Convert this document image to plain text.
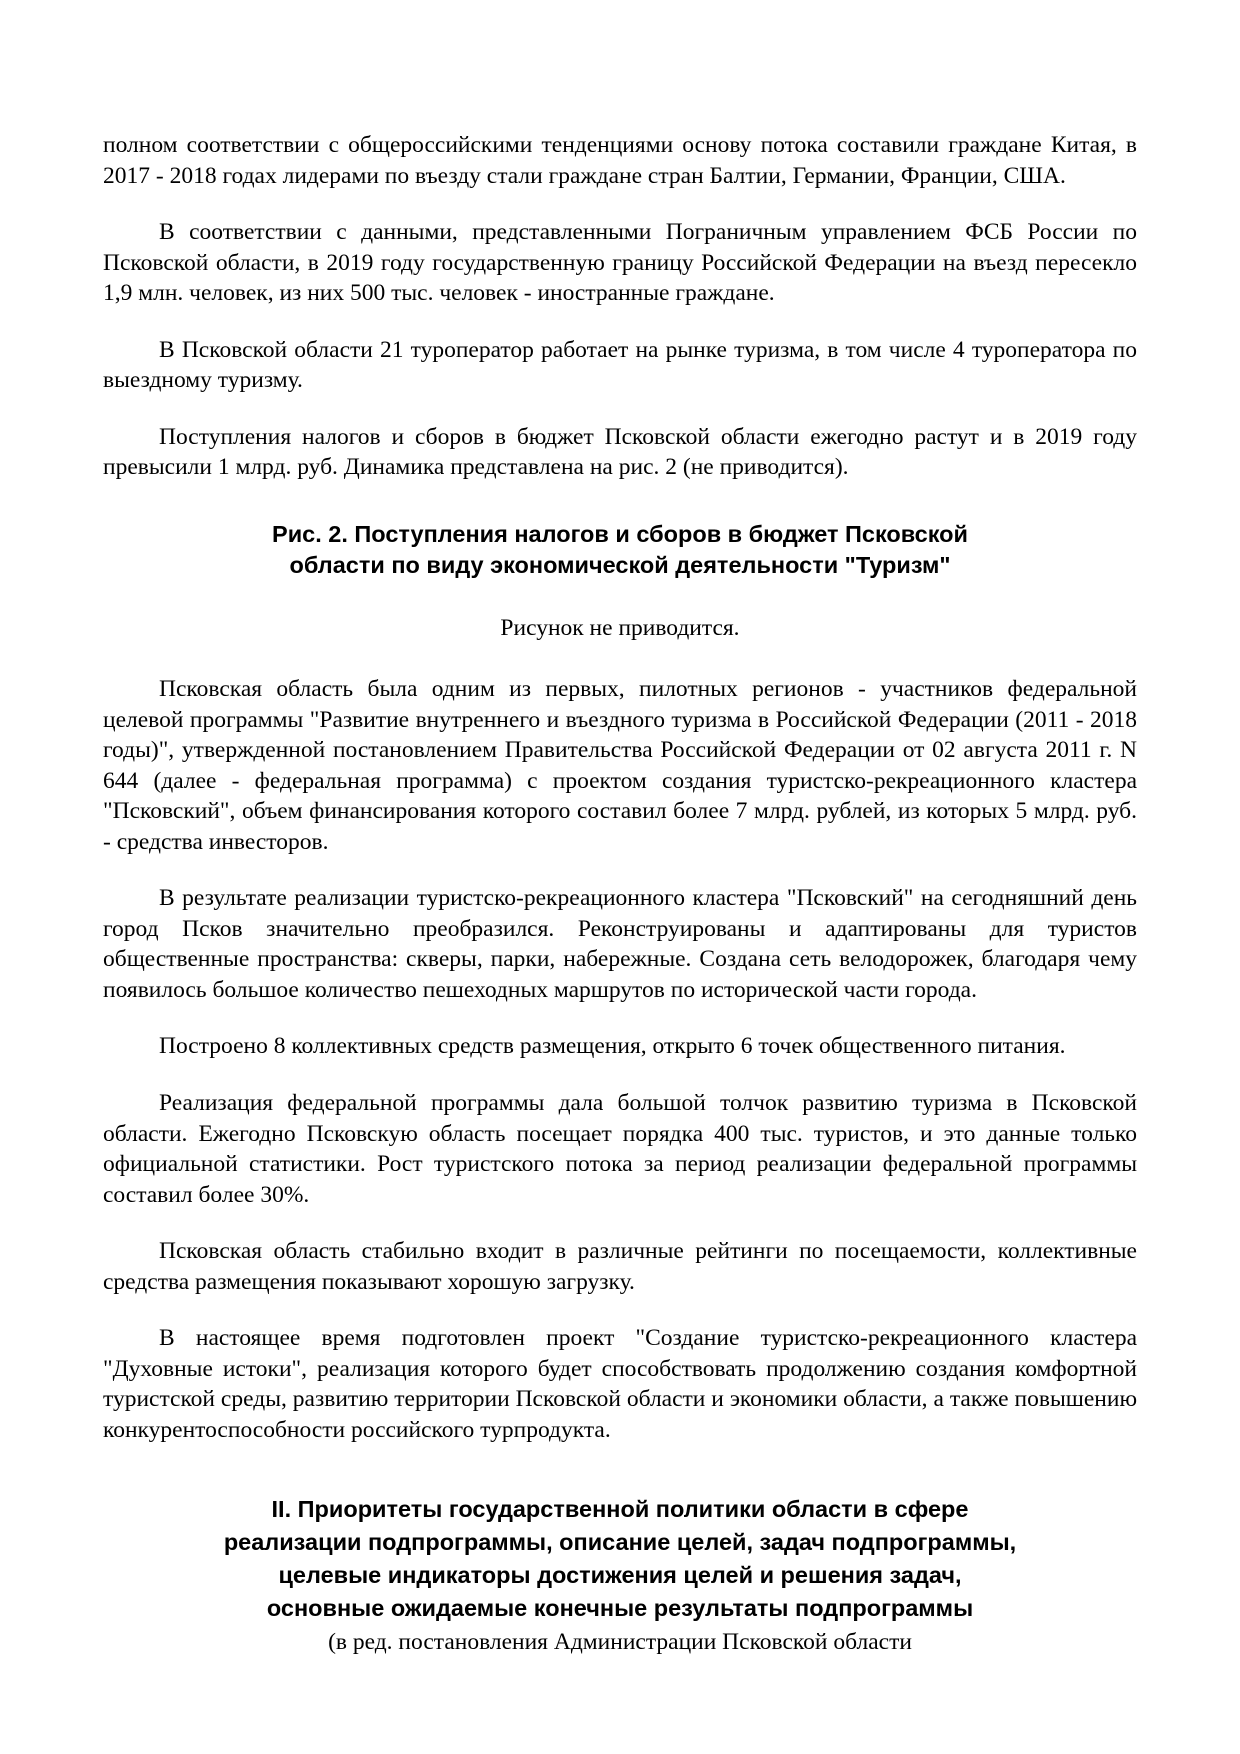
полном соответствии с общероссийскими тенденциями основу потока составили граждане Китая, в 2017 - 2018 годах лидерами по въезду стали граждане стран Балтии, Германии, Франции, США.

В соответствии с данными, представленными Пограничным управлением ФСБ России по Псковской области, в 2019 году государственную границу Российской Федерации на въезд пересекло 1,9 млн. человек, из них 500 тыс. человек - иностранные граждане.

В Псковской области 21 туроператор работает на рынке туризма, в том числе 4 туроператора по выездному туризму.

Поступления налогов и сборов в бюджет Псковской области ежегодно растут и в 2019 году превысили 1 млрд. руб. Динамика представлена на рис. 2 (не приводится).

Рис. 2. Поступления налогов и сборов в бюджет Псковской
области по виду экономической деятельности "Туризм"

Рисунок не приводится.

Псковская область была одним из первых, пилотных регионов - участников федеральной целевой программы "Развитие внутреннего и въездного туризма в Российской Федерации (2011 - 2018 годы)", утвержденной постановлением Правительства Российской Федерации от 02 августа 2011 г. N 644 (далее - федеральная программа) с проектом создания туристско-рекреационного кластера "Псковский", объем финансирования которого составил более 7 млрд. рублей, из которых 5 млрд. руб. - средства инвесторов.

В результате реализации туристско-рекреационного кластера "Псковский" на сегодняшний день город Псков значительно преобразился. Реконструированы и адаптированы для туристов общественные пространства: скверы, парки, набережные. Создана сеть велодорожек, благодаря чему появилось большое количество пешеходных маршрутов по исторической части города.

Построено 8 коллективных средств размещения, открыто 6 точек общественного питания.

Реализация федеральной программы дала большой толчок развитию туризма в Псковской области. Ежегодно Псковскую область посещает порядка 400 тыс. туристов, и это данные только официальной статистики. Рост туристского потока за период реализации федеральной программы составил более 30%.

Псковская область стабильно входит в различные рейтинги по посещаемости, коллективные средства размещения показывают хорошую загрузку.

В настоящее время подготовлен проект "Создание туристско-рекреационного кластера "Духовные истоки", реализация которого будет способствовать продолжению создания комфортной туристской среды, развитию территории Псковской области и экономики области, а также повышению конкурентоспособности российского турпродукта.

II. Приоритеты государственной политики области в сфере
реализации подпрограммы, описание целей, задач подпрограммы,
целевые индикаторы достижения целей и решения задач,
основные ожидаемые конечные результаты подпрограммы

(в ред. постановления Администрации Псковской области
